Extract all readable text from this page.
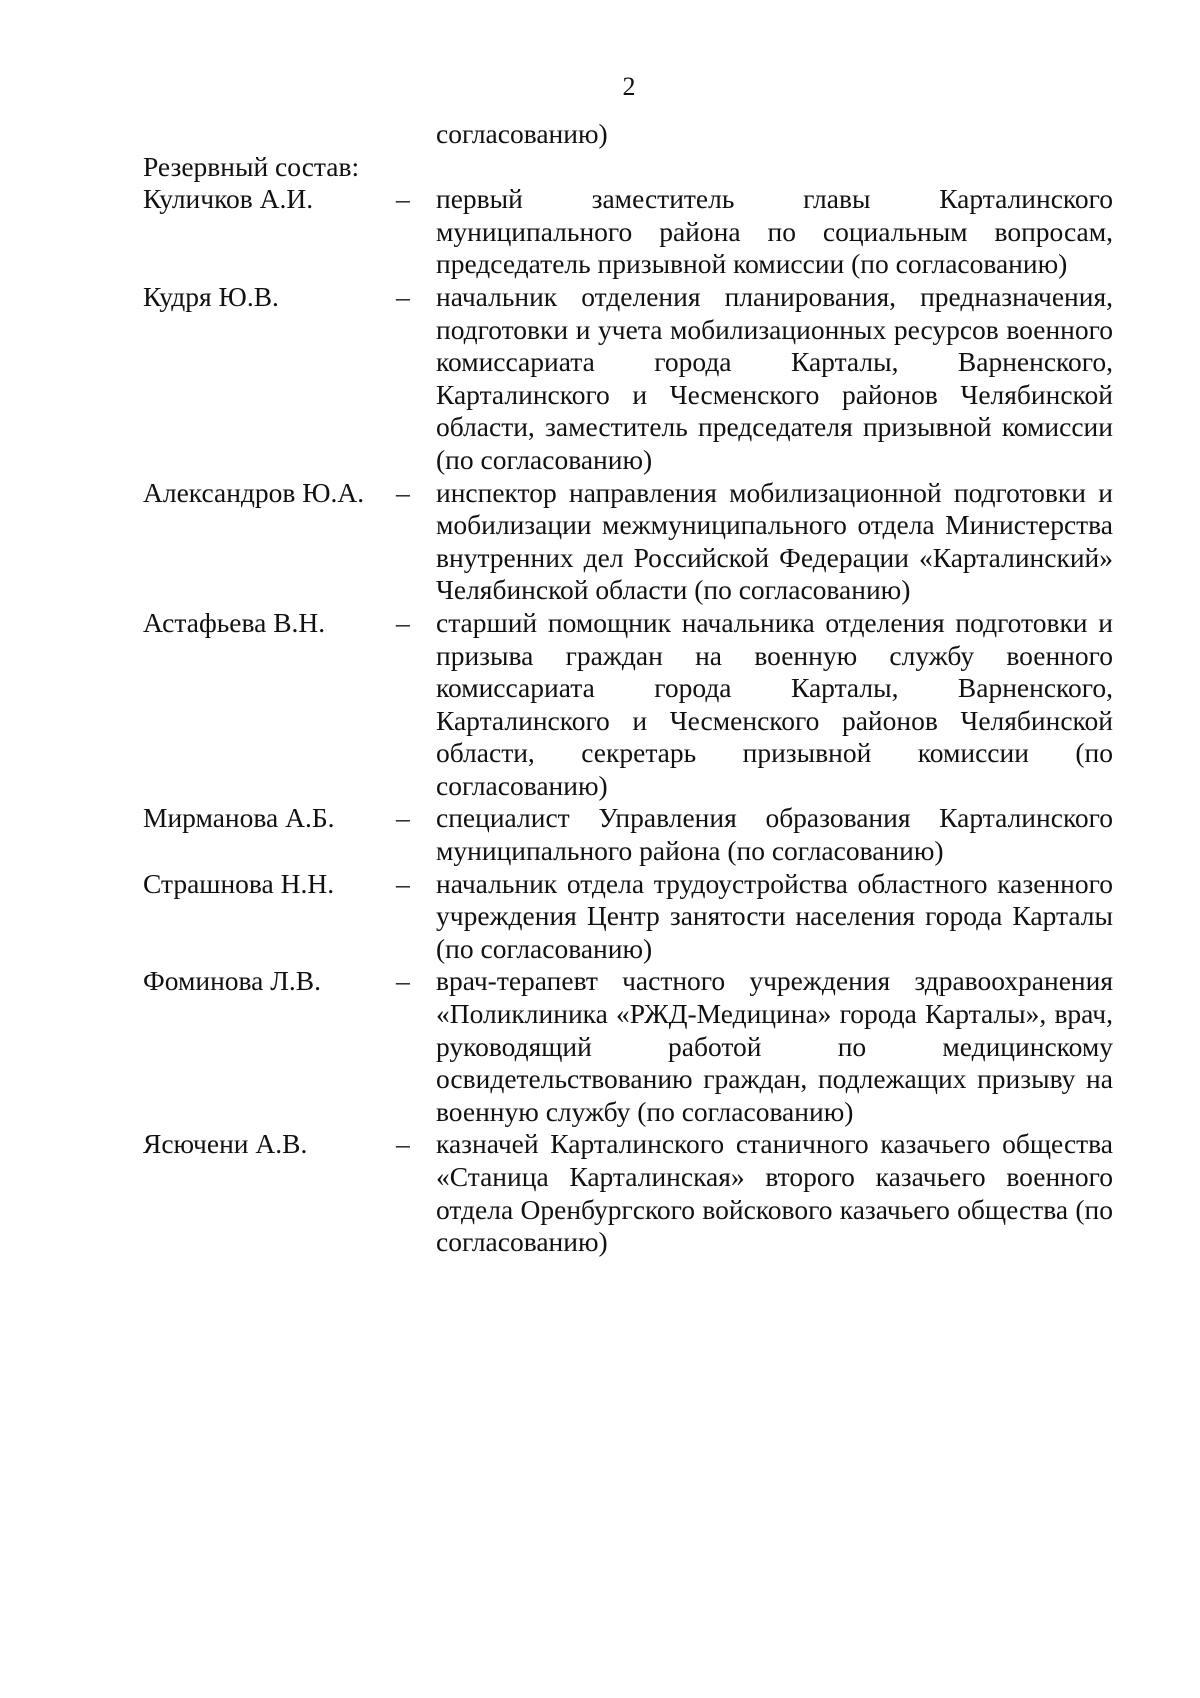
2
согласованию)
Резервный состав:
Куличков А.И.	– первый заместитель главы Карталинского муниципального района по социальным вопросам, председатель призывной комиссии (по согласованию)
Кудря Ю.В.	– начальник отделения планирования, предназначения, подготовки и учета мобилизационных ресурсов военного комиссариата города Карталы, Варненского, Карталинского и Чесменского районов Челябинской области, заместитель председателя призывной комиссии (по согласованию)
Александров Ю.А.	– инспектор направления мобилизационной подготовки и мобилизации межмуниципального отдела Министерства внутренних дел Российской Федерации «Карталинский» Челябинской области (по согласованию)
Астафьева В.Н.	– старший помощник начальника отделения подготовки и призыва граждан на военную службу военного комиссариата города Карталы, Варненского, Карталинского и Чесменского районов Челябинской области, секретарь призывной комиссии (по согласованию)
Мирманова А.Б.	– специалист Управления образования Карталинского муниципального района (по согласованию)
Страшнова Н.Н.	– начальник отдела трудоустройства областного казенного учреждения Центр занятости населения города Карталы (по согласованию)
Фоминова Л.В.	– врач-терапевт частного учреждения здравоохранения «Поликлиника «РЖД-Медицина» города Карталы», врач, руководящий работой по медицинскому освидетельствованию граждан, подлежащих призыву на военную службу (по согласованию)
Ясючени А.В.	– казначей Карталинского станичного казачьего общества «Станица Карталинская» второго казачьего военного отдела Оренбургского войскового казачьего общества (по согласованию)
